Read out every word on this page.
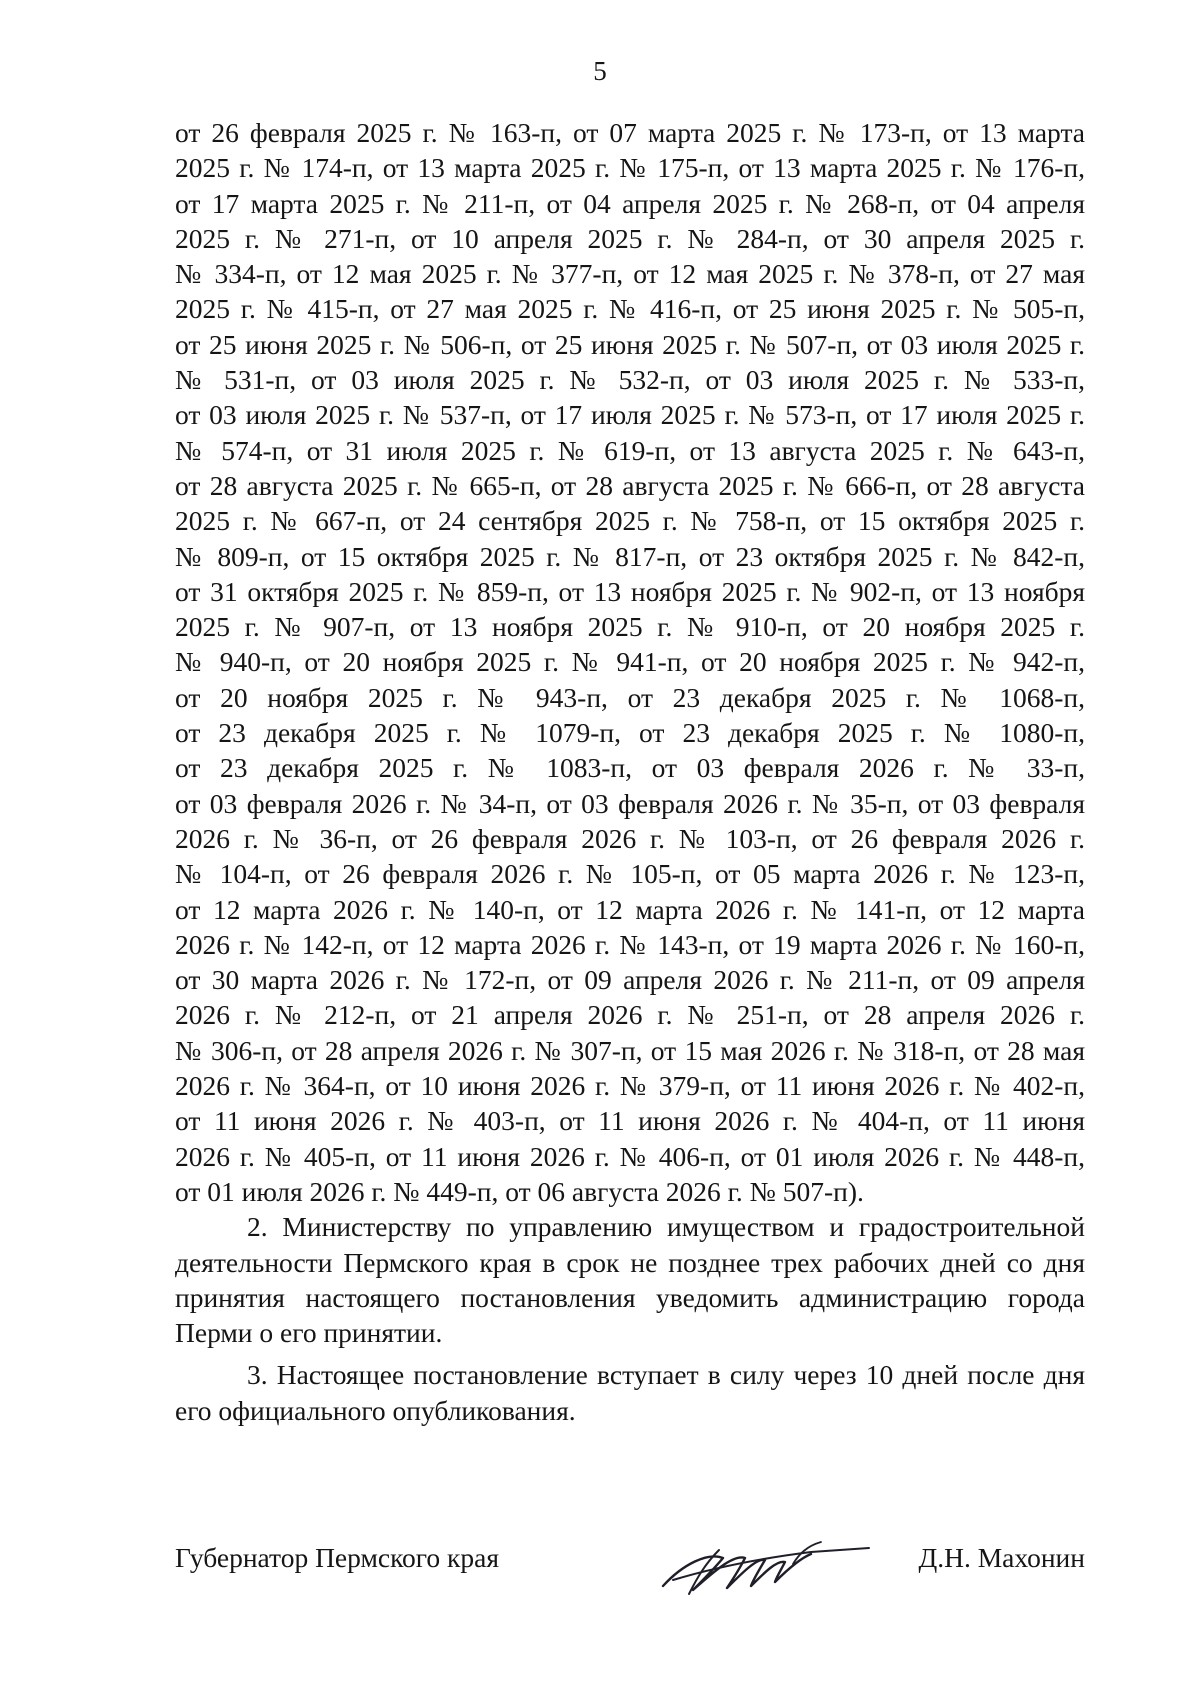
5
от 26 февраля 2025 г. № 163-п, от 07 марта 2025 г. № 173-п, от 13 марта
2025 г. № 174-п, от 13 марта 2025 г. № 175-п, от 13 марта 2025 г. № 176-п,
от 17 марта 2025 г. № 211-п, от 04 апреля 2025 г. № 268-п, от 04 апреля
2025 г. № 271-п, от 10 апреля 2025 г. № 284-п, от 30 апреля 2025 г.
№ 334-п, от 12 мая 2025 г. № 377-п, от 12 мая 2025 г. № 378-п, от 27 мая
2025 г. № 415-п, от 27 мая 2025 г. № 416-п, от 25 июня 2025 г. № 505-п,
от 25 июня 2025 г. № 506-п, от 25 июня 2025 г. № 507-п, от 03 июля 2025 г.
№ 531-п, от 03 июля 2025 г. № 532-п, от 03 июля 2025 г. № 533-п,
от 03 июля 2025 г. № 537-п, от 17 июля 2025 г. № 573-п, от 17 июля 2025 г.
№ 574-п, от 31 июля 2025 г. № 619-п, от 13 августа 2025 г. № 643-п,
от 28 августа 2025 г. № 665-п, от 28 августа 2025 г. № 666-п, от 28 августа
2025 г. № 667-п, от 24 сентября 2025 г. № 758-п, от 15 октября 2025 г.
№ 809-п, от 15 октября 2025 г. № 817-п, от 23 октября 2025 г. № 842-п,
от 31 октября 2025 г. № 859-п, от 13 ноября 2025 г. № 902-п, от 13 ноября
2025 г. № 907-п, от 13 ноября 2025 г. № 910-п, от 20 ноября 2025 г.
№ 940-п, от 20 ноября 2025 г. № 941-п, от 20 ноября 2025 г. № 942-п,
от 20 ноября 2025 г. № 943-п, от 23 декабря 2025 г. № 1068-п,
от 23 декабря 2025 г. № 1079-п, от 23 декабря 2025 г. № 1080-п,
от 23 декабря 2025 г. № 1083-п, от 03 февраля 2026 г. № 33-п,
от 03 февраля 2026 г. № 34-п, от 03 февраля 2026 г. № 35-п, от 03 февраля
2026 г. № 36-п, от 26 февраля 2026 г. № 103-п, от 26 февраля 2026 г.
№ 104-п, от 26 февраля 2026 г. № 105-п, от 05 марта 2026 г. № 123-п,
от 12 марта 2026 г. № 140-п, от 12 марта 2026 г. № 141-п, от 12 марта
2026 г. № 142-п, от 12 марта 2026 г. № 143-п, от 19 марта 2026 г. № 160-п,
от 30 марта 2026 г. № 172-п, от 09 апреля 2026 г. № 211-п, от 09 апреля
2026 г. № 212-п, от 21 апреля 2026 г. № 251-п, от 28 апреля 2026 г.
№ 306-п, от 28 апреля 2026 г. № 307-п, от 15 мая 2026 г. № 318-п, от 28 мая
2026 г. № 364-п, от 10 июня 2026 г. № 379-п, от 11 июня 2026 г. № 402-п,
от 11 июня 2026 г. № 403-п, от 11 июня 2026 г. № 404-п, от 11 июня
2026 г. № 405-п, от 11 июня 2026 г. № 406-п, от 01 июля 2026 г. № 448-п,
от 01 июля 2026 г. № 449-п, от 06 августа 2026 г. № 507-п).
2. Министерству по управлению имуществом и градостроительной
деятельности Пермского края в срок не позднее трех рабочих дней со дня
принятия настоящего постановления уведомить администрацию города
Перми о его принятии.
3. Настоящее постановление вступает в силу через 10 дней после дня
его официального опубликования.
Губернатор Пермского края	Д.Н. Махонин
